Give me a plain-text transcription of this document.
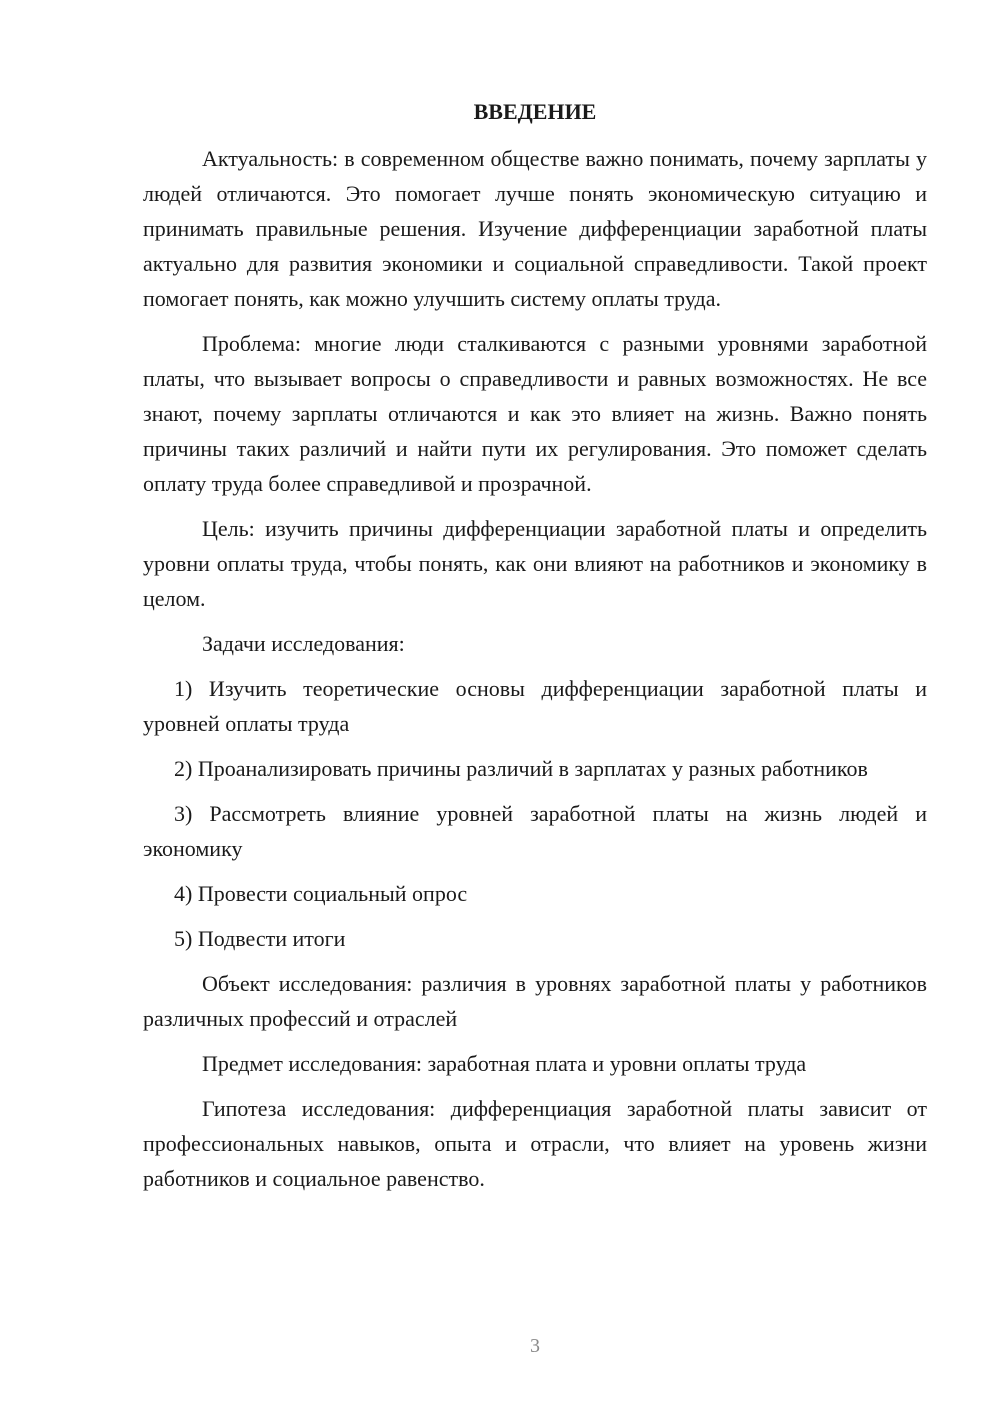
ВВЕДЕНИЕ

Актуальность: в современном обществе важно понимать, почему зарплаты у людей отличаются. Это помогает лучше понять экономическую ситуацию и принимать правильные решения. Изучение дифференциации заработной платы актуально для развития экономики и социальной справедливости. Такой проект помогает понять, как можно улучшить систему оплаты труда.

Проблема: многие люди сталкиваются с разными уровнями заработной платы, что вызывает вопросы о справедливости и равных возможностях. Не все знают, почему зарплаты отличаются и как это влияет на жизнь. Важно понять причины таких различий и найти пути их регулирования. Это поможет сделать оплату труда более справедливой и прозрачной.

Цель: изучить причины дифференциации заработной платы и определить уровни оплаты труда, чтобы понять, как они влияют на работников и экономику в целом.

Задачи исследования:

1) Изучить теоретические основы дифференциации заработной платы и уровней оплаты труда

2) Проанализировать причины различий в зарплатах у разных работников

3) Рассмотреть влияние уровней заработной платы на жизнь людей и экономику

4) Провести социальный опрос

5) Подвести итоги

Объект исследования: различия в уровнях заработной платы у работников различных профессий и отраслей

Предмет исследования: заработная плата и уровни оплаты труда

Гипотеза исследования: дифференциация заработной платы зависит от профессиональных навыков, опыта и отрасли, что влияет на уровень жизни работников и социальное равенство.

3
